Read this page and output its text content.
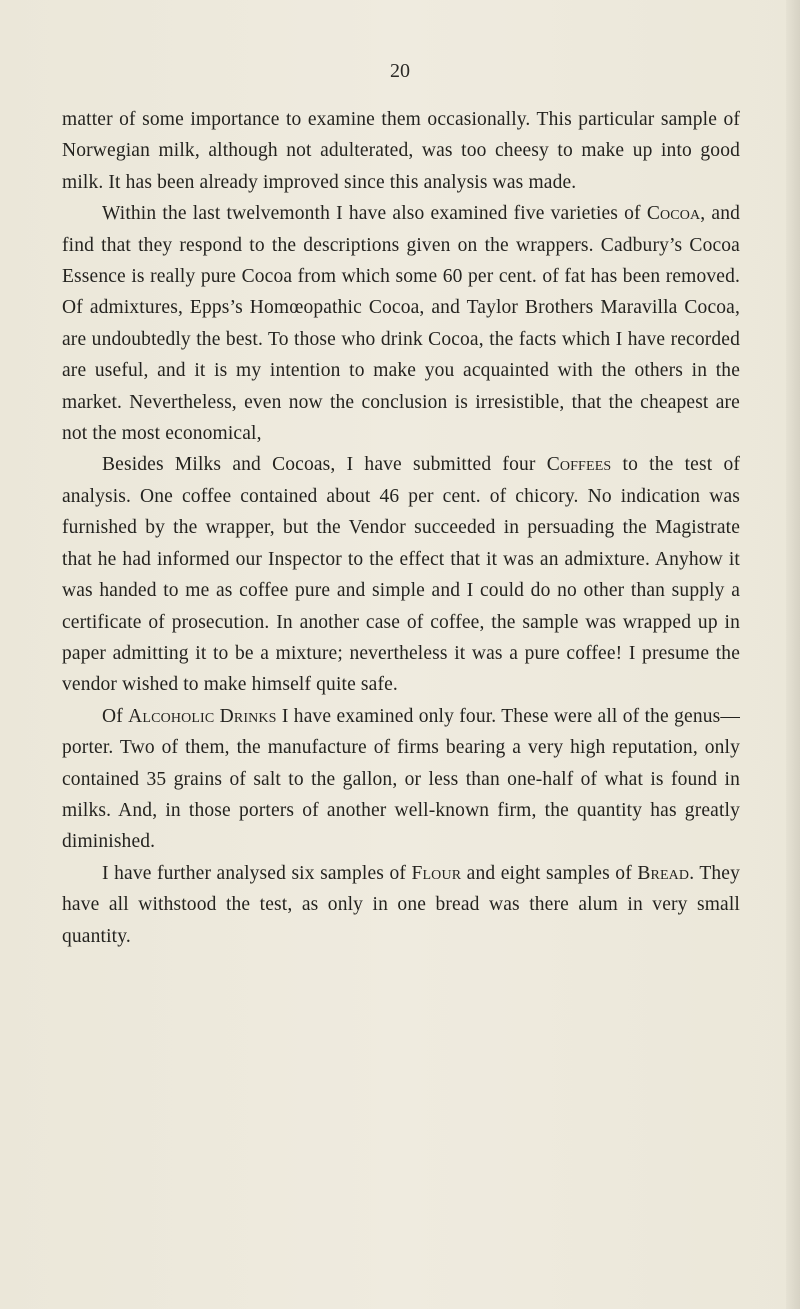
20

matter of some importance to examine them occasionally. This particular sample of Norwegian milk, although not adulterated, was too cheesy to make up into good milk. It has been already improved since this analysis was made.

Within the last twelvemonth I have also examined five varieties of Cocoa, and find that they respond to the descriptions given on the wrappers. Cadbury’s Cocoa Essence is really pure Cocoa from which some 60 per cent. of fat has been removed. Of admixtures, Epps’s Homœopathic Cocoa, and Taylor Brothers Maravilla Cocoa, are undoubtedly the best. To those who drink Cocoa, the facts which I have recorded are useful, and it is my intention to make you acquainted with the others in the market. Nevertheless, even now the conclusion is irresistible, that the cheapest are not the most economical,

Besides Milks and Cocoas, I have submitted four Coffees to the test of analysis. One coffee contained about 46 per cent. of chicory. No indication was furnished by the wrapper, but the Vendor succeeded in persuading the Magistrate that he had informed our Inspector to the effect that it was an admixture. Anyhow it was handed to me as coffee pure and simple and I could do no other than supply a certificate of prosecution. In another case of coffee, the sample was wrapped up in paper admitting it to be a mixture; nevertheless it was a pure coffee! I presume the vendor wished to make himself quite safe.

Of Alcoholic Drinks I have examined only four. These were all of the genus—porter. Two of them, the manufacture of firms bearing a very high reputation, only contained 35 grains of salt to the gallon, or less than one-half of what is found in milks. And, in those porters of another well-known firm, the quantity has greatly diminished.

I have further analysed six samples of Flour and eight samples of Bread. They have all withstood the test, as only in one bread was there alum in very small quantity.
